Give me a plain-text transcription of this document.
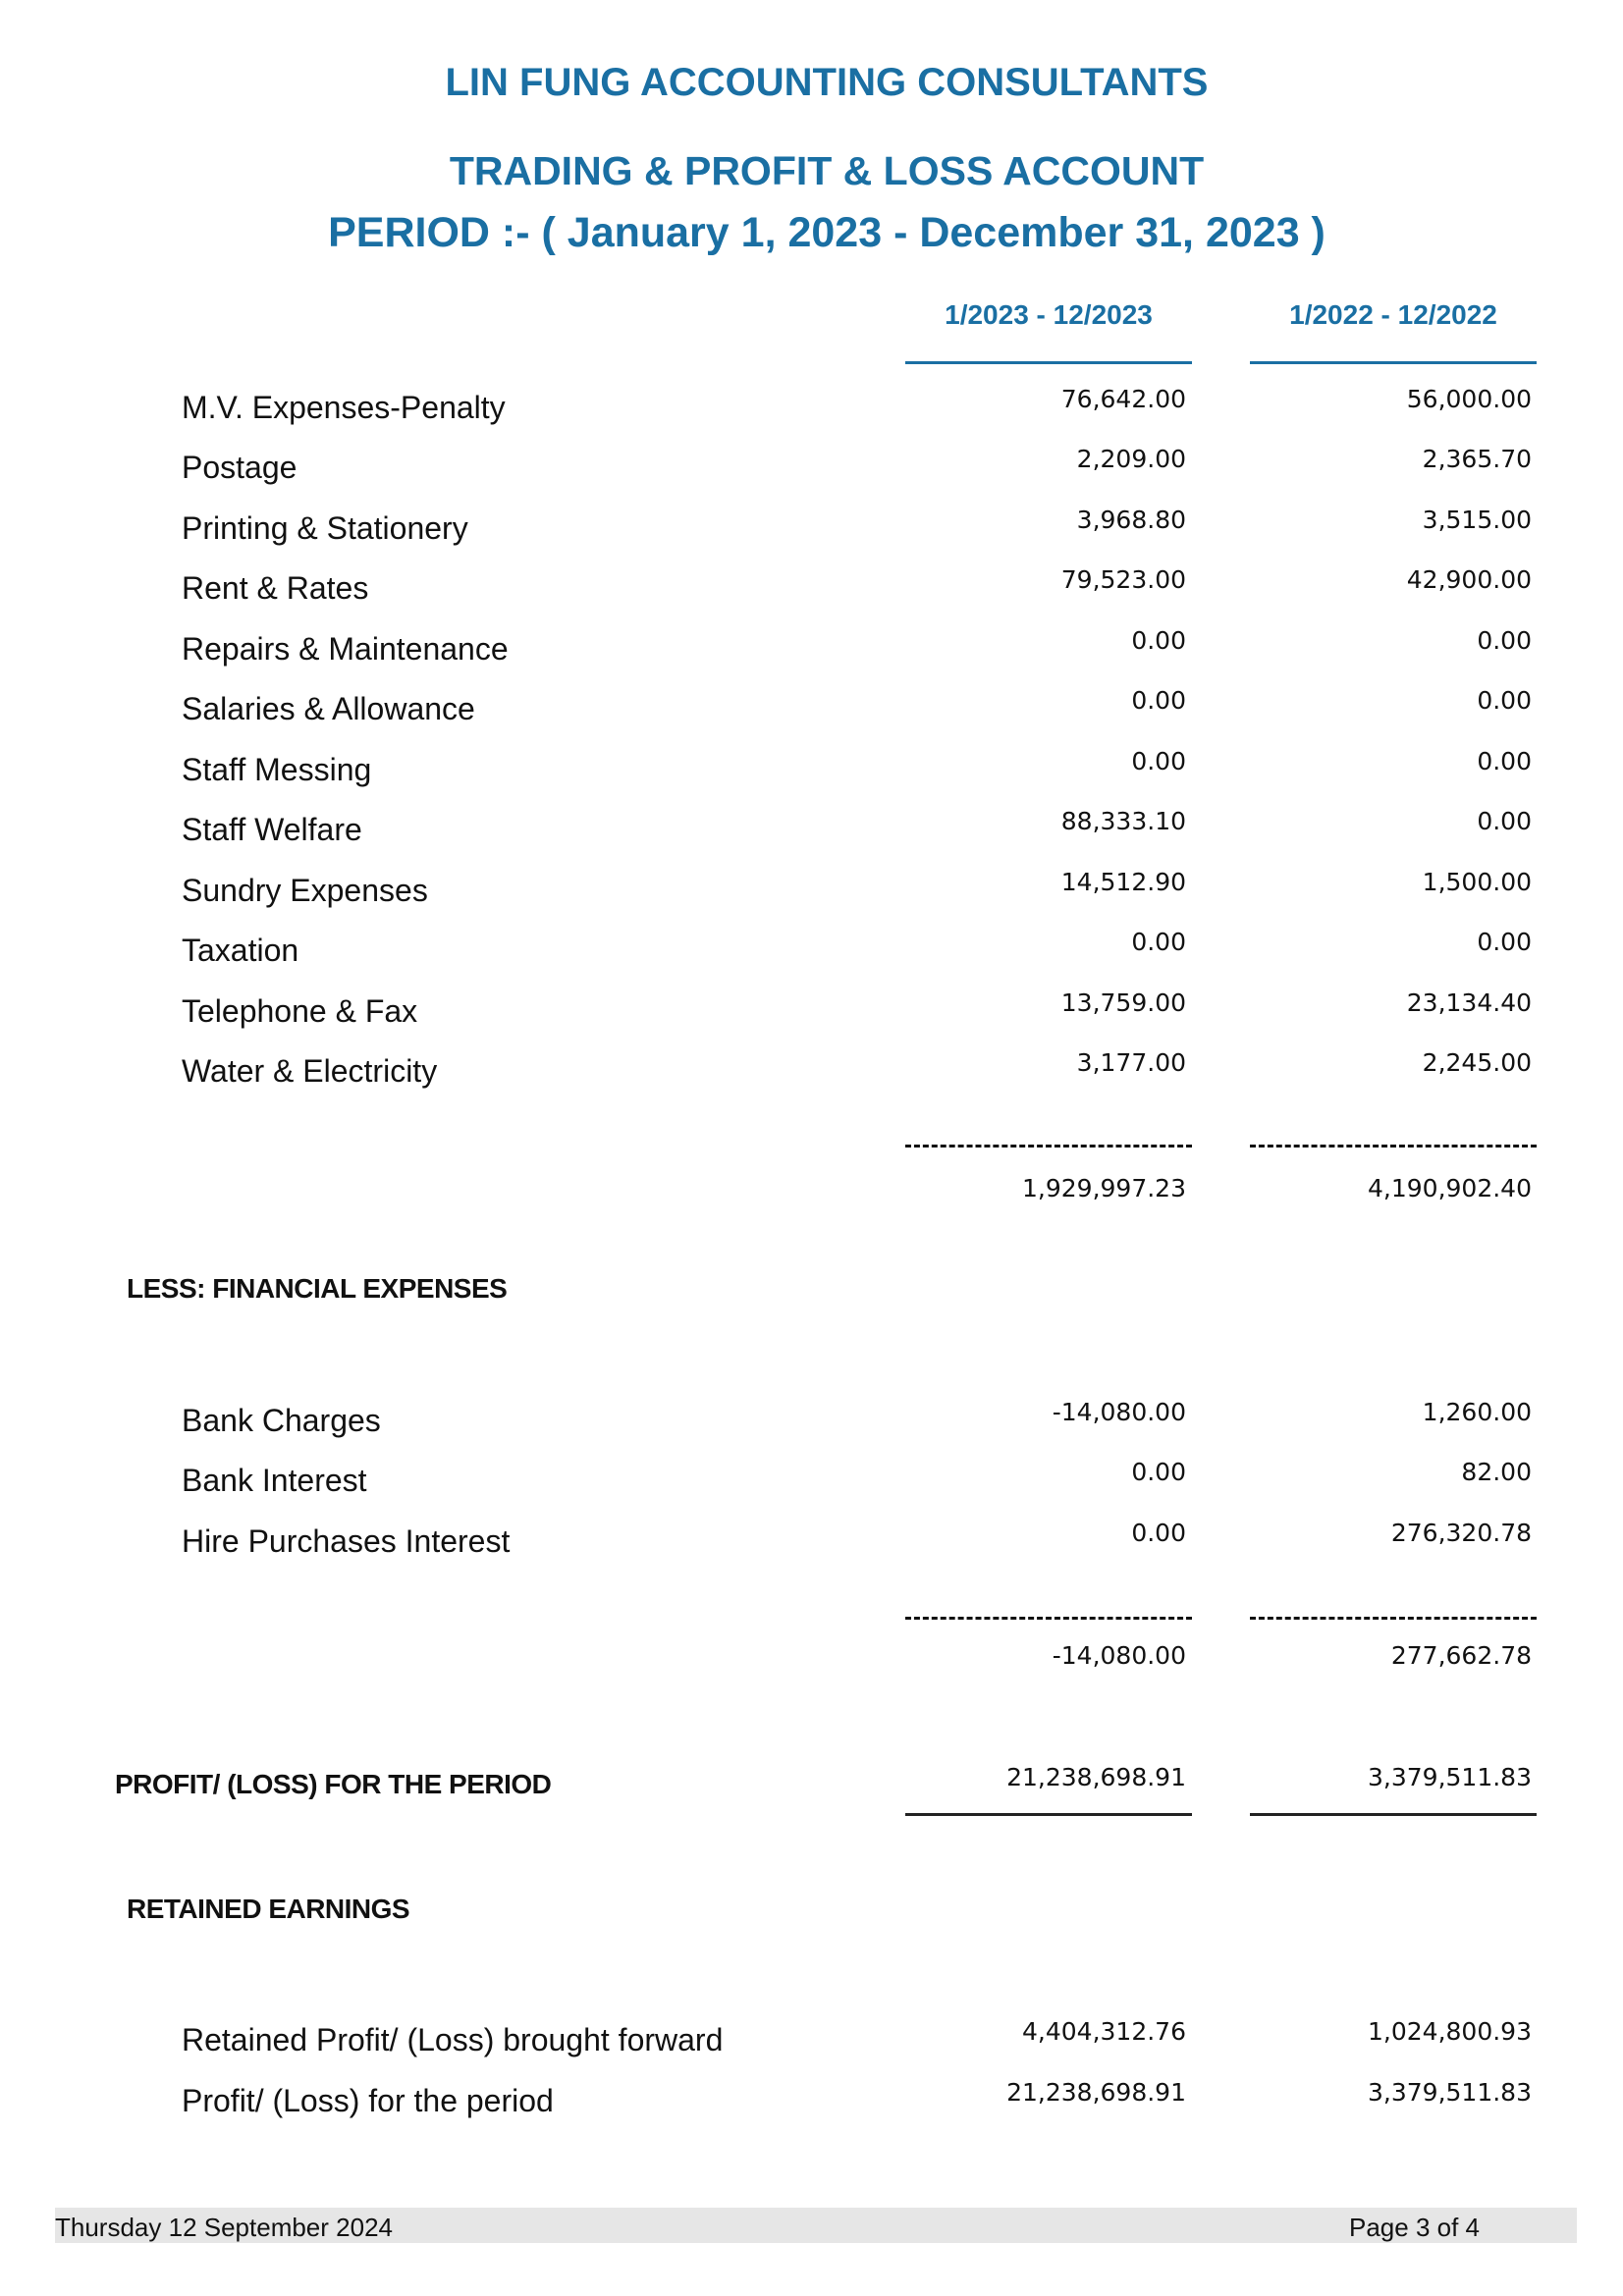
LIN FUNG ACCOUNTING CONSULTANTS
TRADING & PROFIT & LOSS ACCOUNT
PERIOD :- ( January 1, 2023 - December 31, 2023 )
1/2023 - 12/2023	1/2022 - 12/2022
M.V. Expenses-Penalty	76,642.00	56,000.00
Postage	2,209.00	2,365.70
Printing & Stationery	3,968.80	3,515.00
Rent & Rates	79,523.00	42,900.00
Repairs & Maintenance	0.00	0.00
Salaries & Allowance	0.00	0.00
Staff Messing	0.00	0.00
Staff Welfare	88,333.10	0.00
Sundry Expenses	14,512.90	1,500.00
Taxation	0.00	0.00
Telephone & Fax	13,759.00	23,134.40
Water & Electricity	3,177.00	2,245.00
1,929,997.23	4,190,902.40
LESS: FINANCIAL EXPENSES
Bank Charges	-14,080.00	1,260.00
Bank Interest	0.00	82.00
Hire Purchases Interest	0.00	276,320.78
-14,080.00	277,662.78
PROFIT/ (LOSS) FOR THE PERIOD	21,238,698.91	3,379,511.83
RETAINED EARNINGS
Retained Profit/ (Loss) brought forward	4,404,312.76	1,024,800.93
Profit/ (Loss) for the period	21,238,698.91	3,379,511.83
Thursday 12 September 2024	Page 3 of 4
